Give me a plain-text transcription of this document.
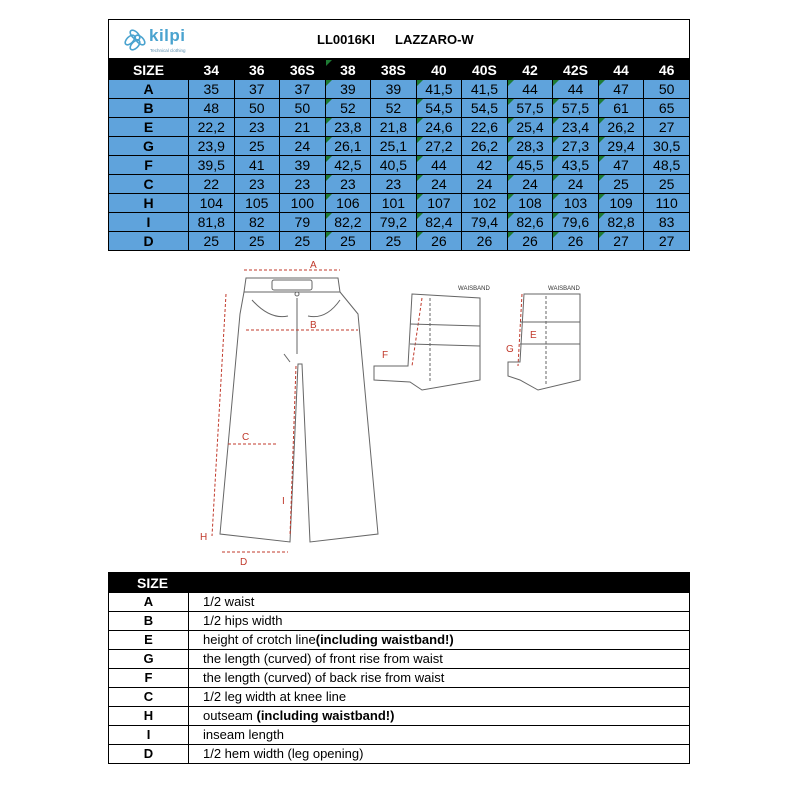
kilpi
Technical clothing
LL0016KI LAZZARO-W
SIZE	34	36	36S	38	38S	40	40S	42	42S	44	46
A	35	37	37	39	39	41,5	41,5	44	44	47	50
B	48	50	50	52	52	54,5	54,5	57,5	57,5	61	65
E	22,2	23	21	23,8	21,8	24,6	22,6	25,4	23,4	26,2	27
G	23,9	25	24	26,1	25,1	27,2	26,2	28,3	27,3	29,4	30,5
F	39,5	41	39	42,5	40,5	44	42	45,5	43,5	47	48,5
C	22	23	23	23	23	24	24	24	24	25	25
H	104	105	100	106	101	107	102	108	103	109	110
I	81,8	82	79	82,2	79,2	82,4	79,4	82,6	79,6	82,8	83
D	25	25	25	25	25	26	26	26	26	27	27
A
B
C
D
H
I
WAISBAND
F
WAISBAND
E
G
SIZE	
A	1/2 waist
B	1/2 hips width
E	height of crotch line(including waistband!)
G	the length (curved) of front rise from waist
F	the length (curved) of back rise from waist
C	1/2 leg width at knee line
H	outseam (including waistband!)
I	inseam length
D	1/2 hem width (leg opening)
